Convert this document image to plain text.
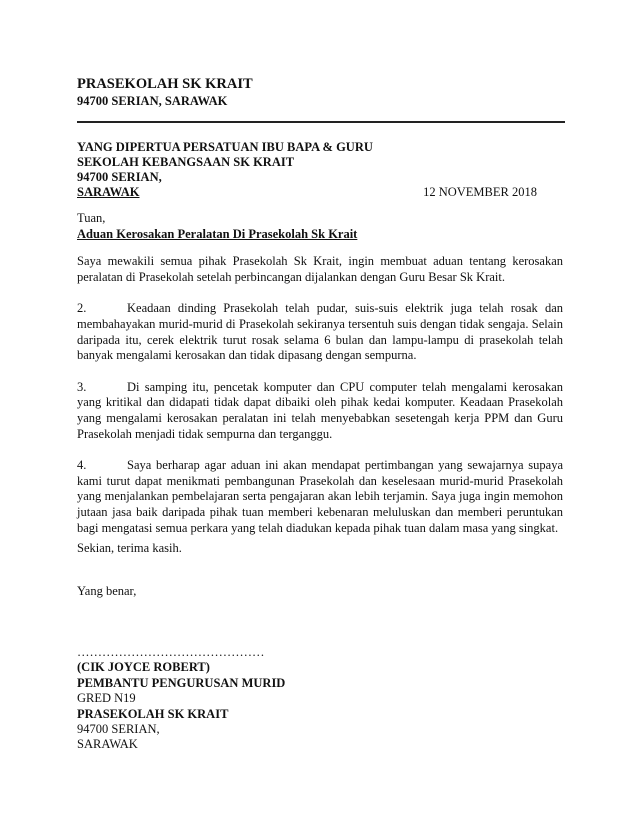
PRASEKOLAH SK KRAIT
94700 SERIAN, SARAWAK
YANG DIPERTUA PERSATUAN IBU BAPA & GURU
SEKOLAH KEBANGSAAN SK KRAIT
94700 SERIAN,
SARAWAK	12 NOVEMBER 2018
Tuan,
Aduan Kerosakan Peralatan Di Prasekolah Sk Krait

Saya mewakili semua pihak Prasekolah Sk Krait, ingin membuat aduan tentang kerosakan peralatan di Prasekolah setelah perbincangan dijalankan dengan Guru Besar Sk Krait.

2.	Keadaan dinding Prasekolah telah pudar, suis-suis elektrik juga telah rosak dan membahayakan murid-murid di Prasekolah sekiranya tersentuh suis dengan tidak sengaja. Selain daripada itu, cerek elektrik turut rosak selama 6 bulan dan lampu-lampu di prasekolah telah banyak mengalami kerosakan dan tidak dipasang dengan sempurna.

3.	Di samping itu, pencetak komputer dan CPU computer telah mengalami kerosakan yang kritikal dan didapati tidak dapat dibaiki oleh pihak kedai komputer. Keadaan Prasekolah yang mengalami kerosakan peralatan ini telah menyebabkan sesetengah kerja PPM dan Guru Prasekolah menjadi tidak sempurna dan terganggu.

4.	Saya berharap agar aduan ini akan mendapat pertimbangan yang sewajarnya supaya kami turut dapat menikmati pembangunan Prasekolah dan keselesaan murid-murid Prasekolah yang menjalankan pembelajaran serta pengajaran akan lebih terjamin. Saya juga ingin memohon jutaan jasa baik daripada pihak tuan memberi kebenaran meluluskan dan memberi peruntukan bagi mengatasi semua perkara yang telah diadukan kepada pihak tuan dalam masa yang singkat.

Sekian, terima kasih.
Yang benar,
………………………………………
(CIK JOYCE ROBERT)
PEMBANTU PENGURUSAN MURID
GRED N19
PRASEKOLAH SK KRAIT
94700 SERIAN,
SARAWAK
